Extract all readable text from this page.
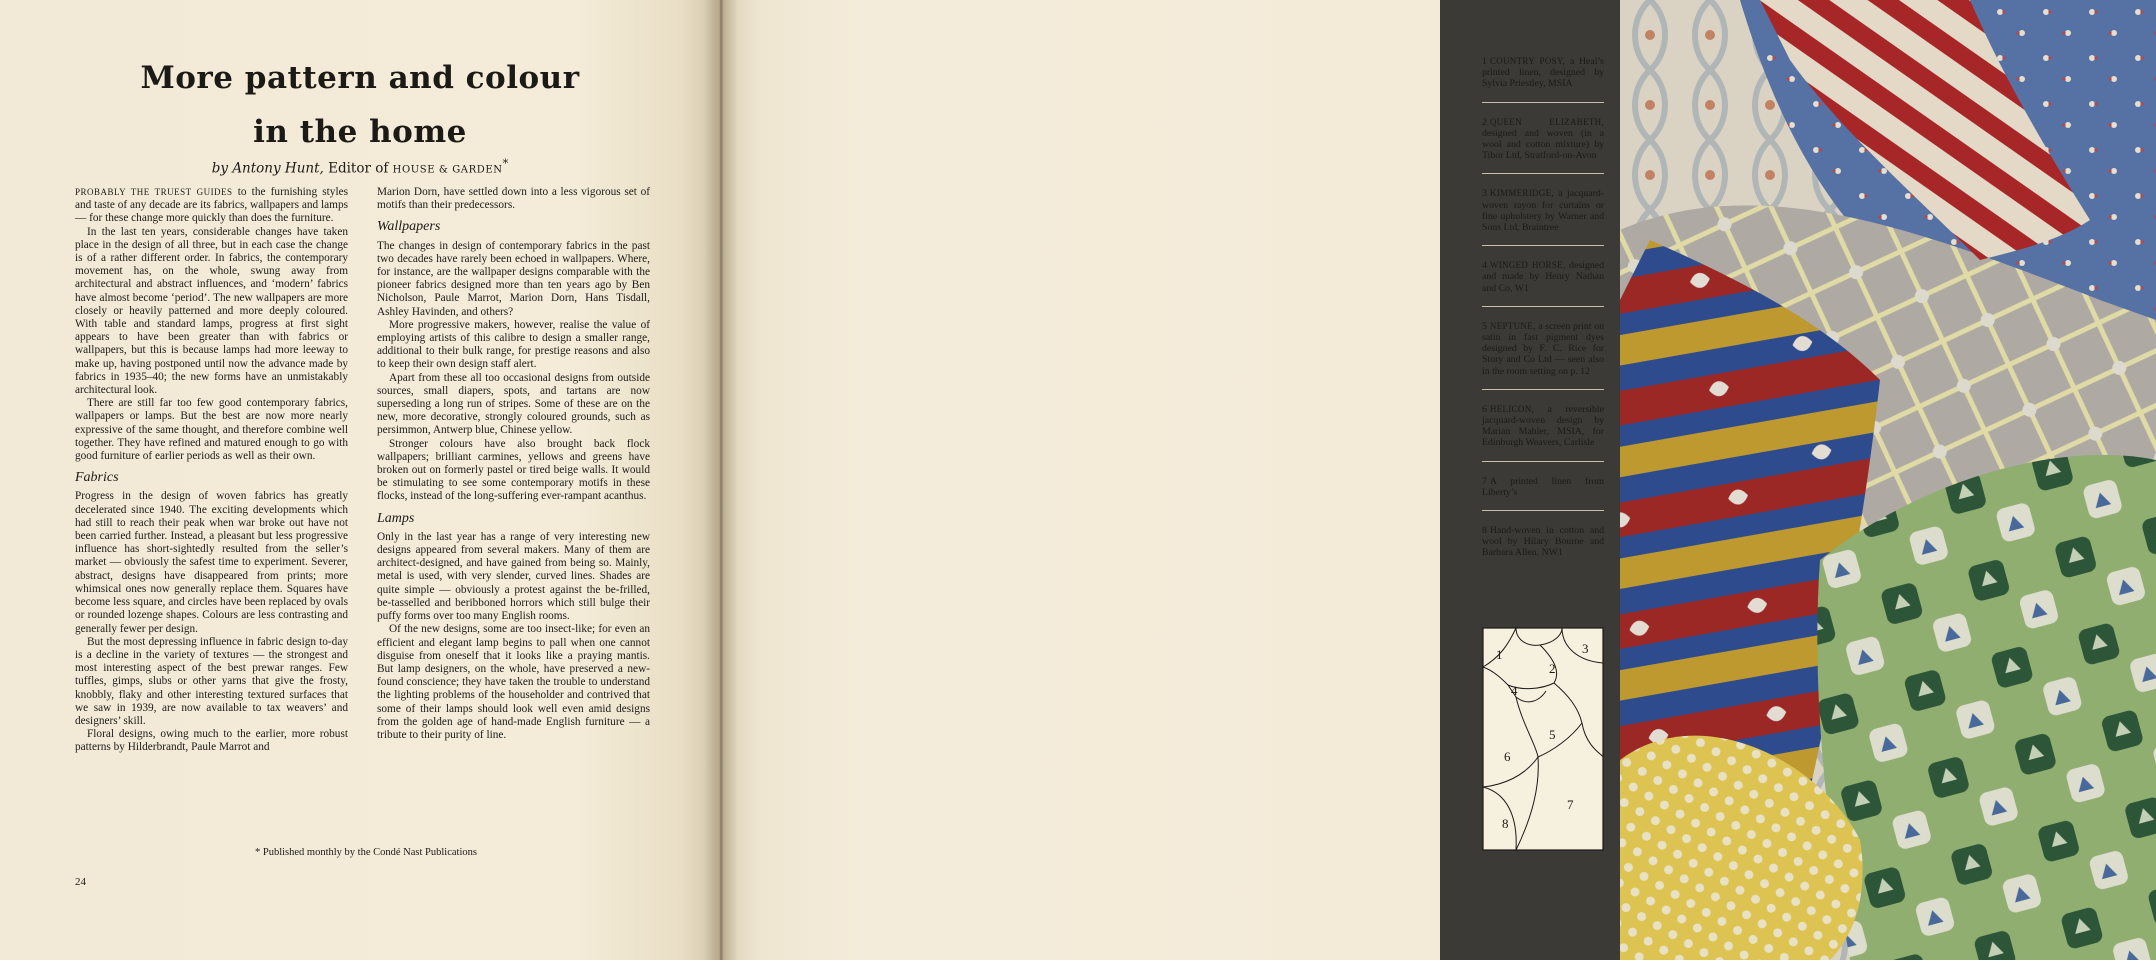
More pattern and colour
in the home

by Antony Hunt, Editor of HOUSE & GARDEN*

PROBABLY THE TRUEST GUIDES to the furnishing styles and taste of any decade are its fabrics, wallpapers and lamps — for these change more quickly than does the furniture.

In the last ten years, considerable changes have taken place in the design of all three, but in each case the change is of a rather different order. In fabrics, the contemporary movement has, on the whole, swung away from architectural and abstract influences, and ‘modern’ fabrics have almost become ‘period’. The new wallpapers are more closely or heavily patterned and more deeply coloured. With table and standard lamps, progress at first sight appears to have been greater than with fabrics or wallpapers, but this is because lamps had more leeway to make up, having postponed until now the advance made by fabrics in 1935–40; the new forms have an unmistakably architectural look.

There are still far too few good contemporary fabrics, wallpapers or lamps. But the best are now more nearly expressive of the same thought, and therefore combine well together. They have refined and matured enough to go with good furniture of earlier periods as well as their own.

Fabrics

Progress in the design of woven fabrics has greatly decelerated since 1940. The exciting developments which had still to reach their peak when war broke out have not been carried further. Instead, a pleasant but less progressive influence has short-sightedly resulted from the seller’s market — obviously the safest time to experiment. Severer, abstract, designs have disappeared from prints; more whimsical ones now generally replace them. Squares have become less square, and circles have been replaced by ovals or rounded lozenge shapes. Colours are less contrasting and generally fewer per design.

But the most depressing influence in fabric design to-day is a decline in the variety of textures — the strongest and most interesting aspect of the best prewar ranges. Few tuffles, gimps, slubs or other yarns that give the frosty, knobbly, flaky and other interesting textured surfaces that we saw in 1939, are now available to tax weavers’ and designers’ skill.

Floral designs, owing much to the earlier, more robust patterns by Hilderbrandt, Paule Marrot and

Marion Dorn, have settled down into a less vigorous set of motifs than their predecessors.

Wallpapers

The changes in design of contemporary fabrics in the past two decades have rarely been echoed in wallpapers. Where, for instance, are the wallpaper designs comparable with the pioneer fabrics designed more than ten years ago by Ben Nicholson, Paule Marrot, Marion Dorn, Hans Tisdall, Ashley Havinden, and others?

More progressive makers, however, realise the value of employing artists of this calibre to design a smaller range, additional to their bulk range, for prestige reasons and also to keep their own design staff alert.

Apart from these all too occasional designs from outside sources, small diapers, spots, and tartans are now superseding a long run of stripes. Some of these are on the new, more decorative, strongly coloured grounds, such as persimmon, Antwerp blue, Chinese yellow.

Stronger colours have also brought back flock wallpapers; brilliant carmines, yellows and greens have broken out on formerly pastel or tired beige walls. It would be stimulating to see some contemporary motifs in these flocks, instead of the long-suffering ever-rampant acanthus.

Lamps

Only in the last year has a range of very interesting new designs appeared from several makers. Many of them are architect-designed, and have gained from being so. Mainly, metal is used, with very slender, curved lines. Shades are quite simple — obviously a protest against the be-frilled, be-tasselled and beribboned horrors which still bulge their puffy forms over too many English rooms.

Of the new designs, some are too insect-like; for even an efficient and elegant lamp begins to pall when one cannot disguise from oneself that it looks like a praying mantis. But lamp designers, on the whole, have preserved a new-found conscience; they have taken the trouble to understand the lighting problems of the householder and contrived that some of their lamps should look well even amid designs from the golden age of hand-made English furniture — a tribute to their purity of line.

* Published monthly by the Condé Nast Publications

24

1 COUNTRY POSY, a Heal’s printed linen, designed by Sylvia Priestley, MSIA

2 QUEEN ELIZABETH, designed and woven (in a wool and cotton mixture) by Tibor Ltd, Stratford-on-Avon

3 KIMMERIDGE, a jacquard-woven rayon for curtains or fine upholstery by Warner and Sons Ltd, Braintree

4 WINGED HORSE, designed and made by Henry Nathan and Co, W1

5 NEPTUNE, a screen print on satin in fast pigment dyes designed by F. C. Rice for Story and Co Ltd — seen also in the room setting on p. 12

6 HELICON, a reversible jacquard-woven design by Marian Mahler, MSIA, for Edinburgh Weavers, Carlisle

7 A printed linen from Liberty’s

8 Hand-woven in cotton and wool by Hilary Bourne and Barbara Allen, NW1

1
2
3
4
5
6
7
8
